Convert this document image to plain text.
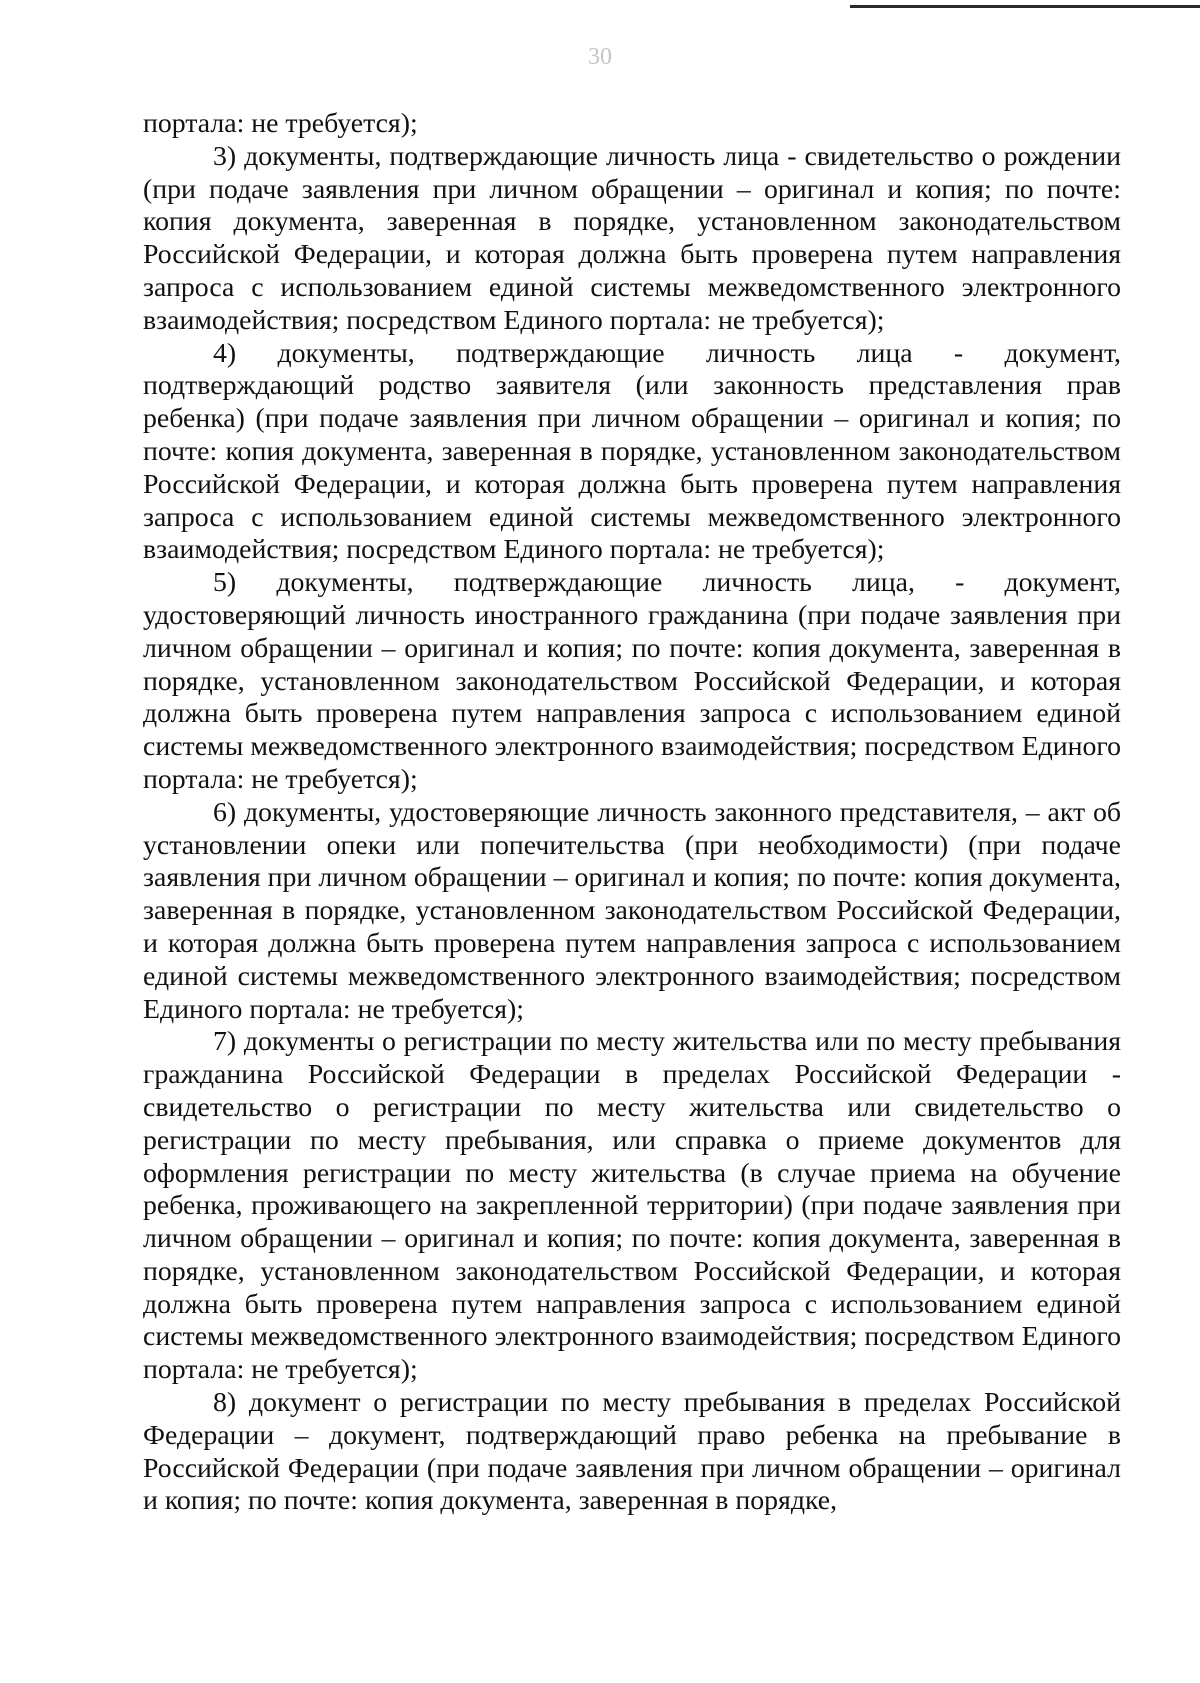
30

портала: не требуется);

3) документы, подтверждающие личность лица - свидетельство о рождении (при подаче заявления при личном обращении – оригинал и копия; по почте: копия документа, заверенная в порядке, установленном законодательством Российской Федерации, и которая должна быть проверена путем направления запроса с использованием единой системы межведомственного электронного взаимодействия; посредством Единого портала: не требуется);

4) документы, подтверждающие личность лица - документ, подтверждающий родство заявителя (или законность представления прав ребенка) (при подаче заявления при личном обращении – оригинал и копия; по почте: копия документа, заверенная в порядке, установленном законодательством Российской Федерации, и которая должна быть проверена путем направления запроса с использованием единой системы межведомственного электронного взаимодействия; посредством Единого портала: не требуется);

5) документы, подтверждающие личность лица, - документ, удостоверяющий личность иностранного гражданина (при подаче заявления при личном обращении – оригинал и копия; по почте: копия документа, заверенная в порядке, установленном законодательством Российской Федерации, и которая должна быть проверена путем направления запроса с использованием единой системы межведомственного электронного взаимодействия; посредством Единого портала: не требуется);

6) документы, удостоверяющие личность законного представителя, – акт об установлении опеки или попечительства (при необходимости) (при подаче заявления при личном обращении – оригинал и копия; по почте: копия документа, заверенная в порядке, установленном законодательством Российской Федерации, и которая должна быть проверена путем направления запроса с использованием единой системы межведомственного электронного взаимодействия; посредством Единого портала: не требуется);

7) документы о регистрации по месту жительства или по месту пребывания гражданина Российской Федерации в пределах Российской Федерации - свидетельство о регистрации по месту жительства или свидетельство о регистрации по месту пребывания, или справка о приеме документов для оформления регистрации по месту жительства (в случае приема на обучение ребенка, проживающего на закрепленной территории) (при подаче заявления при личном обращении – оригинал и копия; по почте: копия документа, заверенная в порядке, установленном законодательством Российской Федерации, и которая должна быть проверена путем направления запроса с использованием единой системы межведомственного электронного взаимодействия; посредством Единого портала: не требуется);

8) документ о регистрации по месту пребывания в пределах Российской Федерации – документ, подтверждающий право ребенка на пребывание в Российской Федерации (при подаче заявления при личном обращении – оригинал и копия; по почте: копия документа, заверенная в порядке,
